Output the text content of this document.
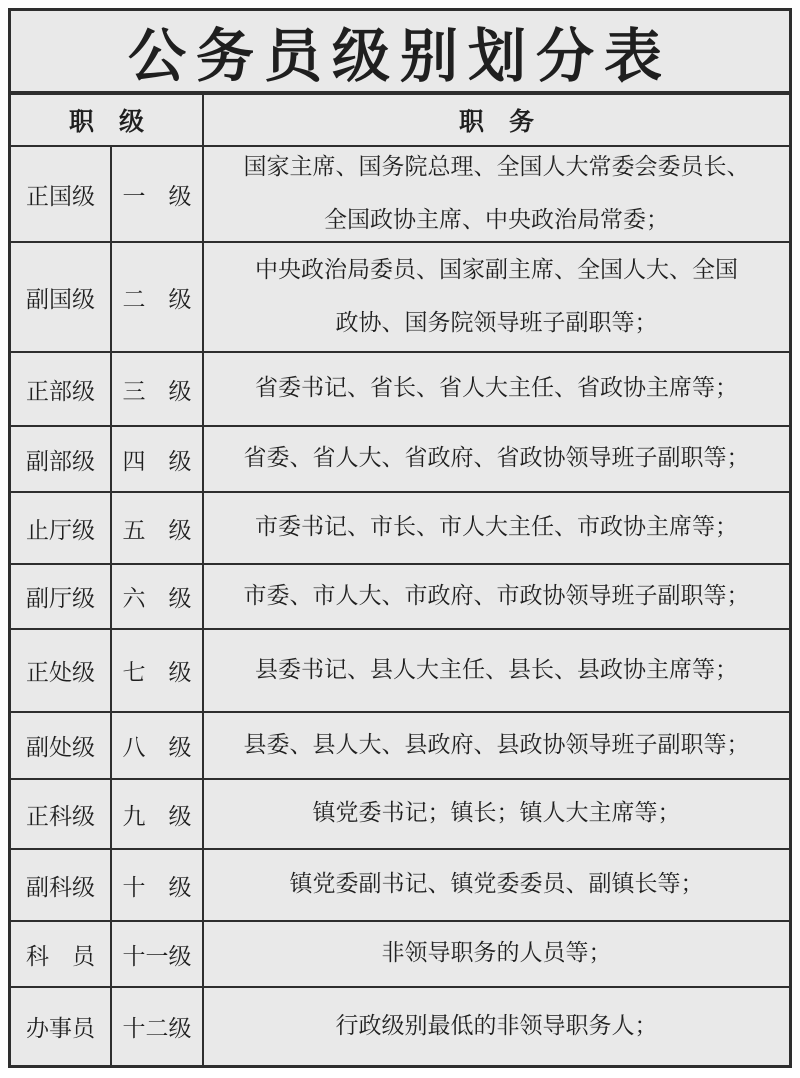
公务员级别划分表
职　级	职　务
正国级	一　级
国家主席、国务院总理、全国人大常委会委员长、
全国政协主席、中央政治局常委；
副国级	二　级
中央政治局委员、国家副主席、全国人大、全国
政协、国务院领导班子副职等；
正部级	三　级	省委书记、省长、省人大主任、省政协主席等；
副部级	四　级	省委、省人大、省政府、省政协领导班子副职等；
止厅级	五　级	市委书记、市长、市人大主任、市政协主席等；
副厅级	六　级	市委、市人大、市政府、市政协领导班子副职等；
正处级	七　级	县委书记、县人大主任、县长、县政协主席等；
副处级	八　级	县委、县人大、县政府、县政协领导班子副职等；
正科级	九　级	镇党委书记；镇长；镇人大主席等；
副科级	十　级	镇党委副书记、镇党委委员、副镇长等；
科　员	十一级	非领导职务的人员等；
办事员	十二级	行政级别最低的非领导职务人；
